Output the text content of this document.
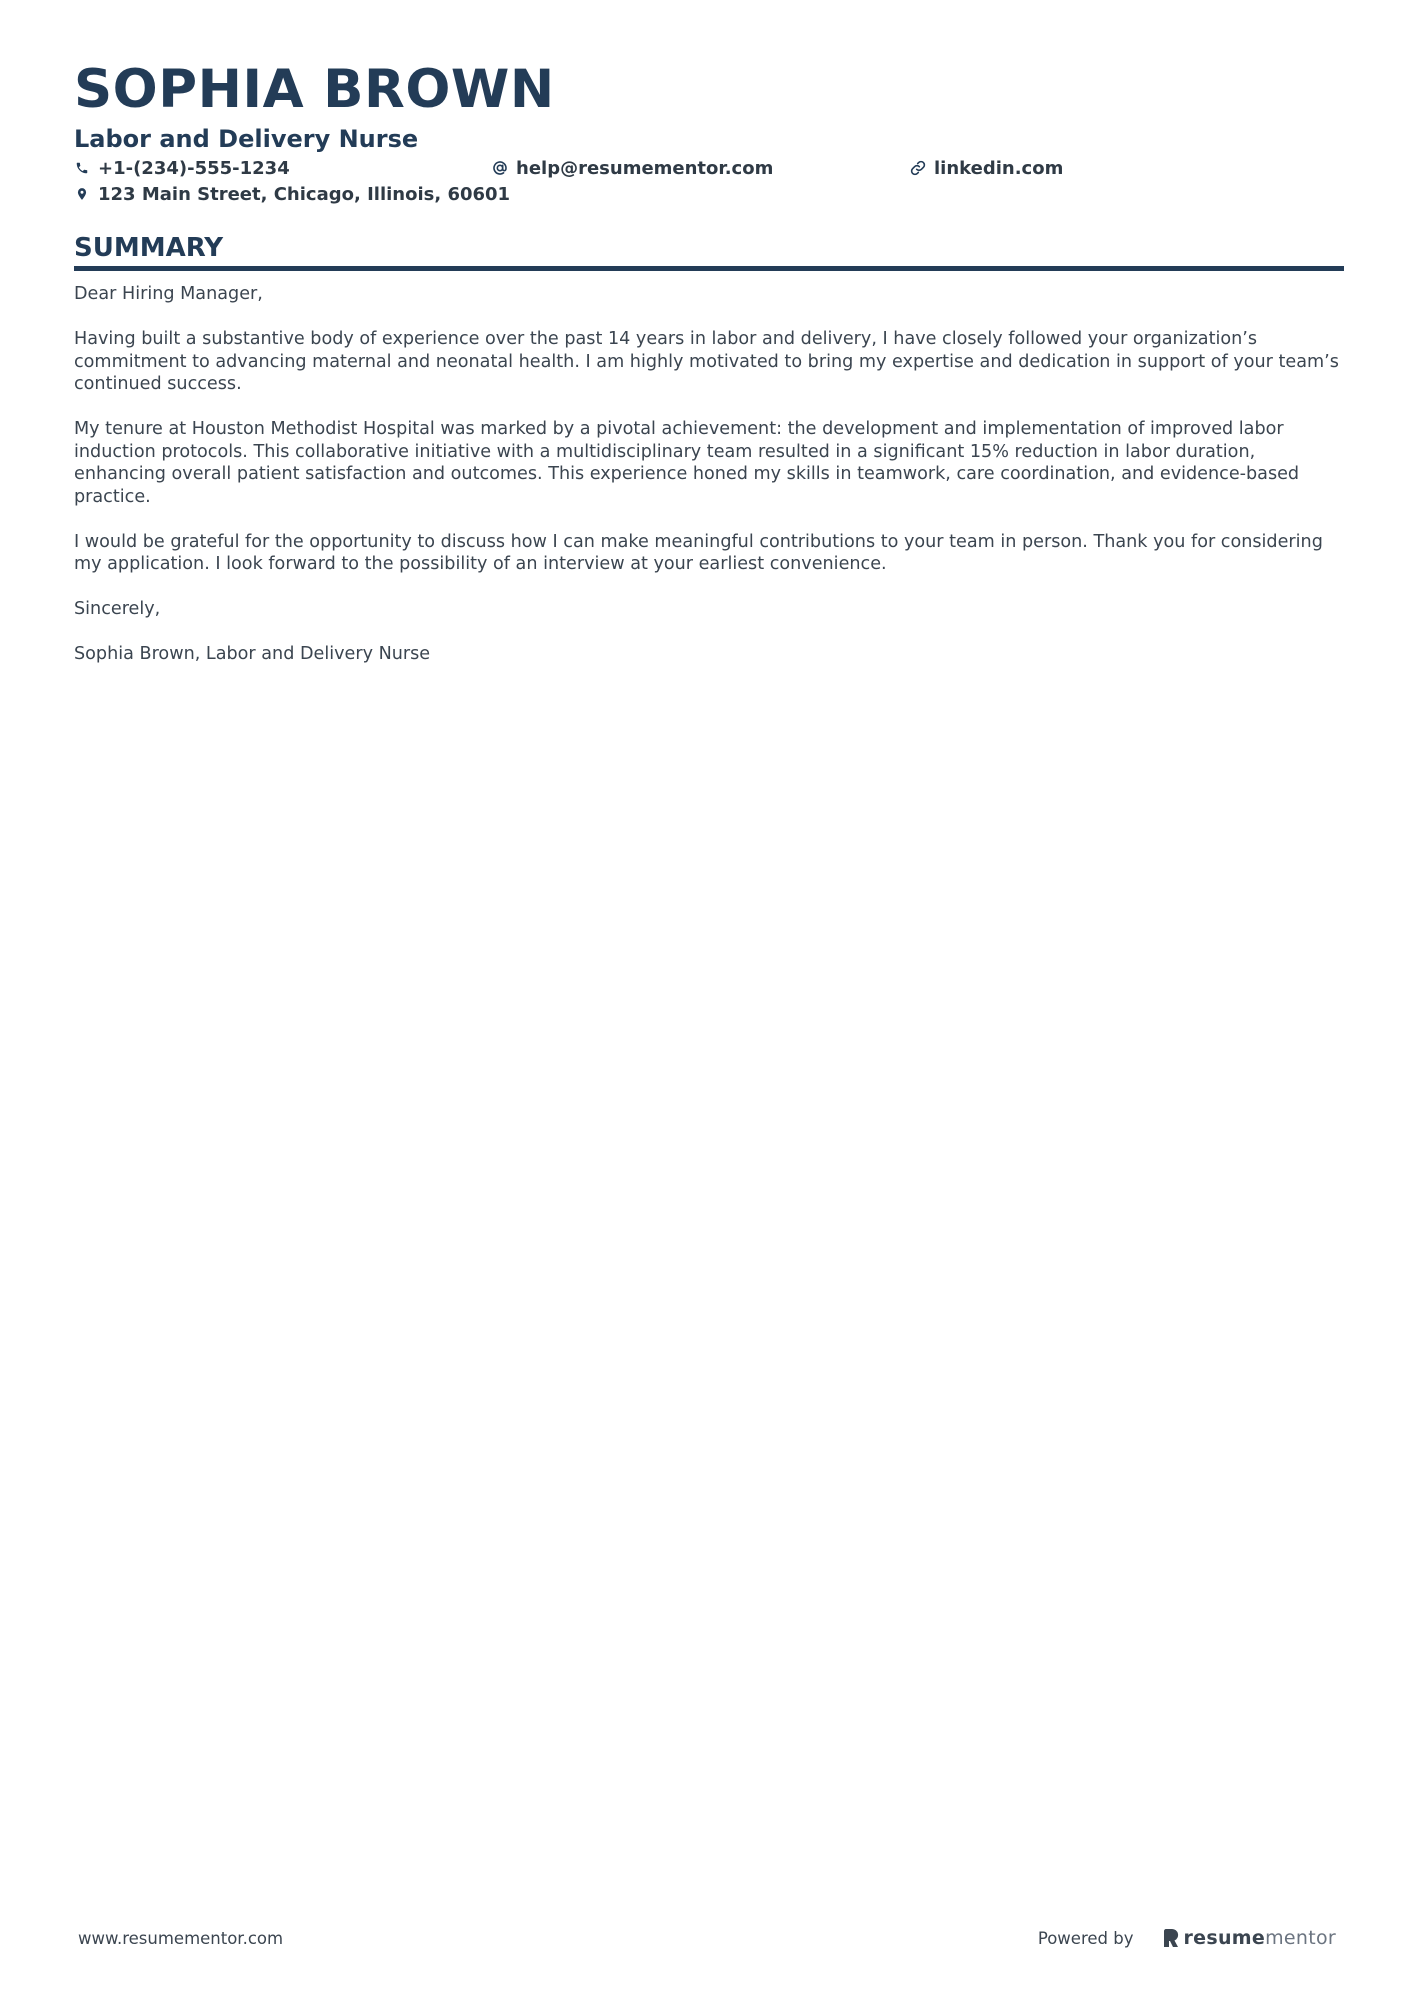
SOPHIA BROWN
Labor and Delivery Nurse
+1-(234)-555-1234	help@resumementor.com	linkedin.com
123 Main Street, Chicago, Illinois, 60601
SUMMARY

Dear Hiring Manager,

Having built a substantive body of experience over the past 14 years in labor and delivery, I have closely followed your organization’s commitment to advancing maternal and neonatal health. I am highly motivated to bring my expertise and dedication in support of your team’s continued success.

My tenure at Houston Methodist Hospital was marked by a pivotal achievement: the development and implementation of improved labor induction protocols. This collaborative initiative with a multidisciplinary team resulted in a significant 15% reduction in labor duration, enhancing overall patient satisfaction and outcomes. This experience honed my skills in teamwork, care coordination, and evidence-based practice.

I would be grateful for the opportunity to discuss how I can make meaningful contributions to your team in person. Thank you for considering my application. I look forward to the possibility of an interview at your earliest convenience.

Sincerely,

Sophia Brown, Labor and Delivery Nurse

www.resumementor.com	Powered by	resumementor
